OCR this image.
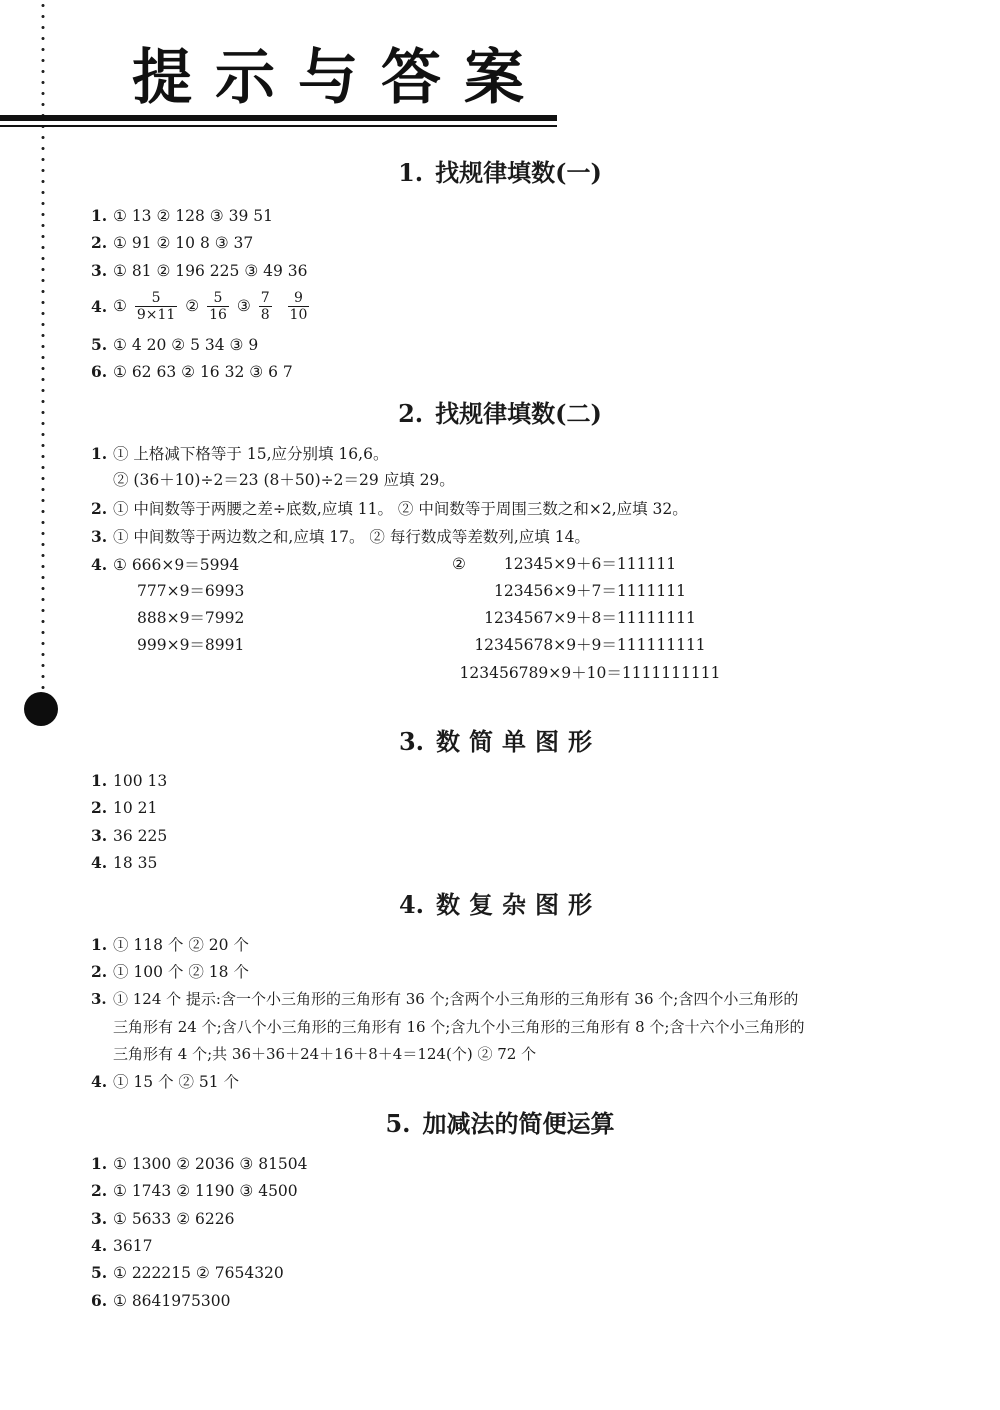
提示与答案
1. 找规律填数(一)
1. ① 13 ② 128 ③ 39 51
2. ① 91 ② 10 8 ③ 37
3. ① 81 ② 196 225 ③ 49 36
4. ① $\frac{5}{9\times 11}$ ② $\frac{5}{16}$ ③ $\frac{7}{8}$
$\frac{9}{10}$
5. ① 4 20 ② 5 34 ③ 9
6. ① 62 63 ② 16 32 ③ 6 7
2. 找规律填数(二)
1. ① 上格减下格等于 15,应分别填 16,6。
② (36＋10)÷2＝23 (8＋50)÷2＝29 应填 29。
2. ① 中间数等于两腰之差÷底数,应填 11。 ② 中间数等于周围三数之和×2,应填 32。
3. ① 中间数等于两边数之和,应填 17。 ② 每行数成等差数列,应填 14。
4. ① 666×9＝5994
777×9＝6993
888×9＝7992
999×9＝8991
②	12345×9＋6＝111111
123456×9＋7＝1111111
1234567×9＋8＝11111111
12345678×9＋9＝111111111
123456789×9＋10＝1111111111
3. 数简单图形
1. 100 13
2. 10 21
3. 36 225
4. 18 35
4. 数复杂图形
1. ① 118 个 ② 20 个
2. ① 100 个 ② 18 个
3. ① 124 个 提示:含一个小三角形的三角形有 36 个;含两个小三角形的三角形有 36 个;含四个小三角形的
三角形有 24 个;含八个小三角形的三角形有 16 个;含九个小三角形的三角形有 8 个;含十六个小三角形的
三角形有 4 个;共 36＋36＋24＋16＋8＋4＝124(个) ② 72 个
4. ① 15 个 ② 51 个
5. 加减法的简便运算
1. ① 1300 ② 2036 ③ 81504
2. ① 1743 ② 1190 ③ 4500
3. ① 5633 ② 6226
4. 3617
5. ① 222215 ② 7654320
6. ① 8641975300
